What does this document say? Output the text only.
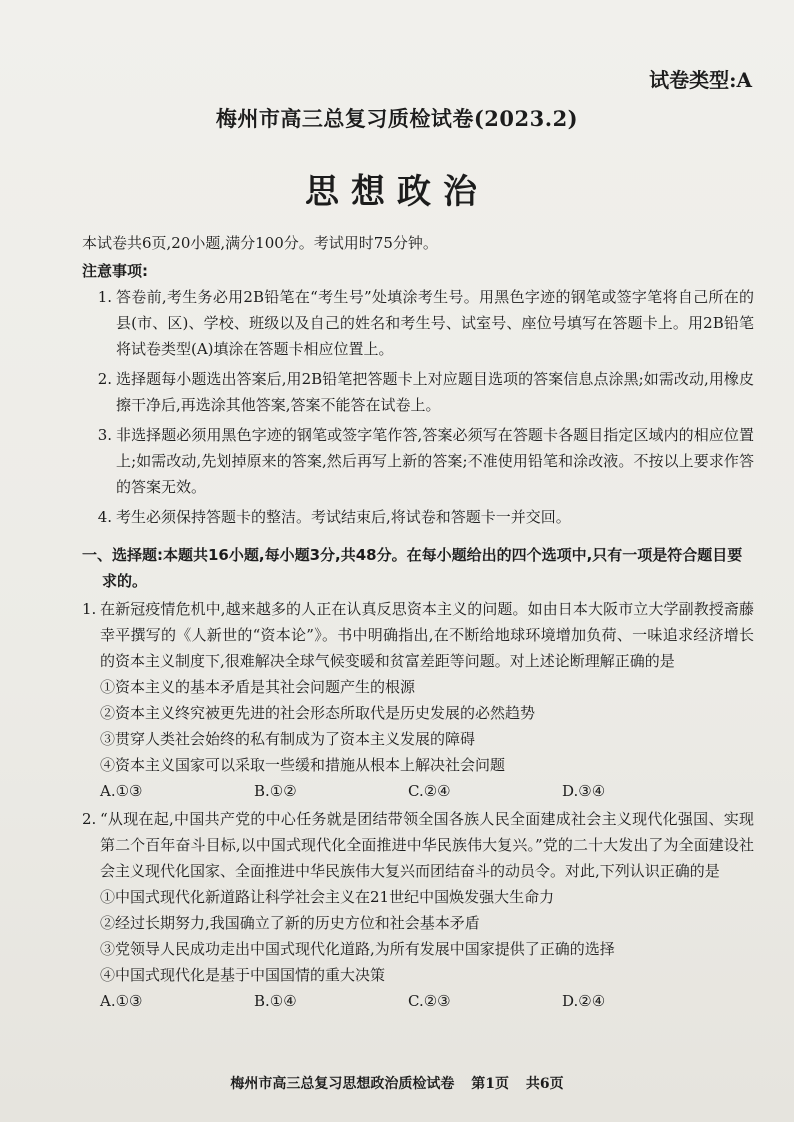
试卷类型:A
梅州市高三总复习质检试卷(2023.2)
思想政治
本试卷共6页,20小题,满分100分。考试用时75分钟。
注意事项:
1. 答卷前,考生务必用2B铅笔在“考生号”处填涂考生号。用黑色字迹的钢笔或签字笔将自己所在的县(市、区)、学校、班级以及自己的姓名和考生号、试室号、座位号填写在答题卡上。用2B铅笔将试卷类型(A)填涂在答题卡相应位置上。
2. 选择题每小题选出答案后,用2B铅笔把答题卡上对应题目选项的答案信息点涂黑;如需改动,用橡皮擦干净后,再选涂其他答案,答案不能答在试卷上。
3. 非选择题必须用黑色字迹的钢笔或签字笔作答,答案必须写在答题卡各题目指定区域内的相应位置上;如需改动,先划掉原来的答案,然后再写上新的答案;不准使用铅笔和涂改液。不按以上要求作答的答案无效。
4. 考生必须保持答题卡的整洁。考试结束后,将试卷和答题卡一并交回。
一、选择题:本题共16小题,每小题3分,共48分。在每小题给出的四个选项中,只有一项是符合题目要求的。
1. 在新冠疫情危机中,越来越多的人正在认真反思资本主义的问题。如由日本大阪市立大学副教授斋藤幸平撰写的《人新世的“资本论”》。书中明确指出,在不断给地球环境增加负荷、一味追求经济增长的资本主义制度下,很难解决全球气候变暖和贫富差距等问题。对上述论断理解正确的是
①资本主义的基本矛盾是其社会问题产生的根源
②资本主义终究被更先进的社会形态所取代是历史发展的必然趋势
③贯穿人类社会始终的私有制成为了资本主义发展的障碍
④资本主义国家可以采取一些缓和措施从根本上解决社会问题
A.①③	B.①②	C.②④	D.③④
2. “从现在起,中国共产党的中心任务就是团结带领全国各族人民全面建成社会主义现代化强国、实现第二个百年奋斗目标,以中国式现代化全面推进中华民族伟大复兴。”党的二十大发出了为全面建设社会主义现代化国家、全面推进中华民族伟大复兴而团结奋斗的动员令。对此,下列认识正确的是
①中国式现代化新道路让科学社会主义在21世纪中国焕发强大生命力
②经过长期努力,我国确立了新的历史方位和社会基本矛盾
③党领导人民成功走出中国式现代化道路,为所有发展中国家提供了正确的选择
④中国式现代化是基于中国国情的重大决策
A.①③	B.①④	C.②③	D.②④
梅州市高三总复习思想政治质检试卷 第1页 共6页
